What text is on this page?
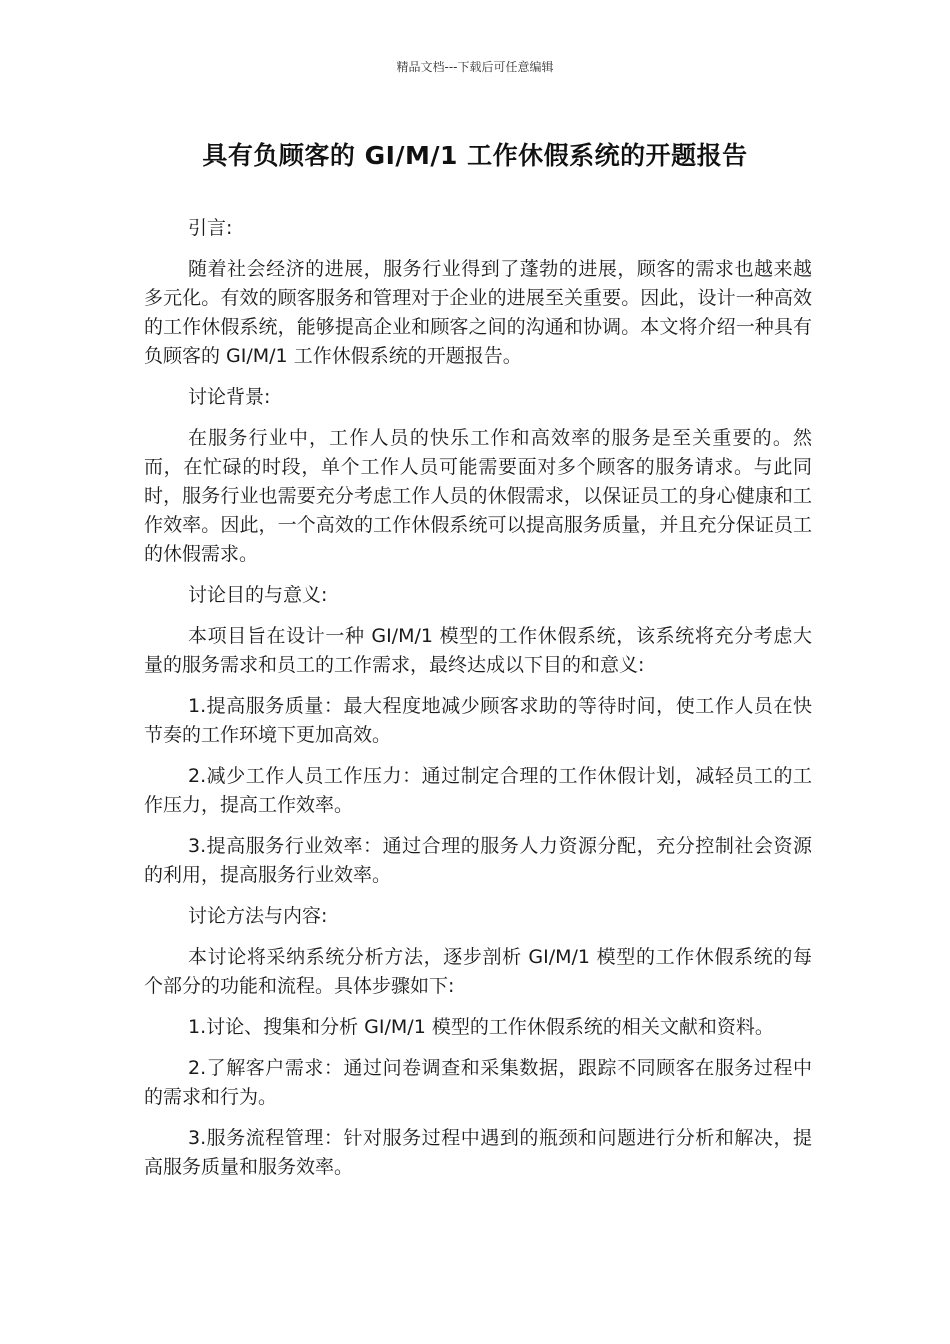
精品文档---下载后可任意编辑
具有负顾客的 GI/M/1 工作休假系统的开题报告

引言:

随着社会经济的进展，服务行业得到了蓬勃的进展，顾客的需求也越来越多元化。有效的顾客服务和管理对于企业的进展至关重要。因此，设计一种高效的工作休假系统，能够提高企业和顾客之间的沟通和协调。本文将介绍一种具有负顾客的 GI/M/1 工作休假系统的开题报告。

讨论背景:

在服务行业中，工作人员的快乐工作和高效率的服务是至关重要的。然而，在忙碌的时段，单个工作人员可能需要面对多个顾客的服务请求。与此同时，服务行业也需要充分考虑工作人员的休假需求，以保证员工的身心健康和工作效率。因此，一个高效的工作休假系统可以提高服务质量，并且充分保证员工的休假需求。

讨论目的与意义:

本项目旨在设计一种 GI/M/1 模型的工作休假系统，该系统将充分考虑大量的服务需求和员工的工作需求，最终达成以下目的和意义:

1.提高服务质量：最大程度地减少顾客求助的等待时间，使工作人员在快节奏的工作环境下更加高效。

2.减少工作人员工作压力：通过制定合理的工作休假计划，减轻员工的工作压力，提高工作效率。

3.提高服务行业效率：通过合理的服务人力资源分配，充分控制社会资源的利用，提高服务行业效率。

讨论方法与内容:

本讨论将采纳系统分析方法，逐步剖析 GI/M/1 模型的工作休假系统的每个部分的功能和流程。具体步骤如下:

1.讨论、搜集和分析 GI/M/1 模型的工作休假系统的相关文献和资料。

2.了解客户需求：通过问卷调查和采集数据，跟踪不同顾客在服务过程中的需求和行为。

3.服务流程管理：针对服务过程中遇到的瓶颈和问题进行分析和解决，提高服务质量和服务效率。
